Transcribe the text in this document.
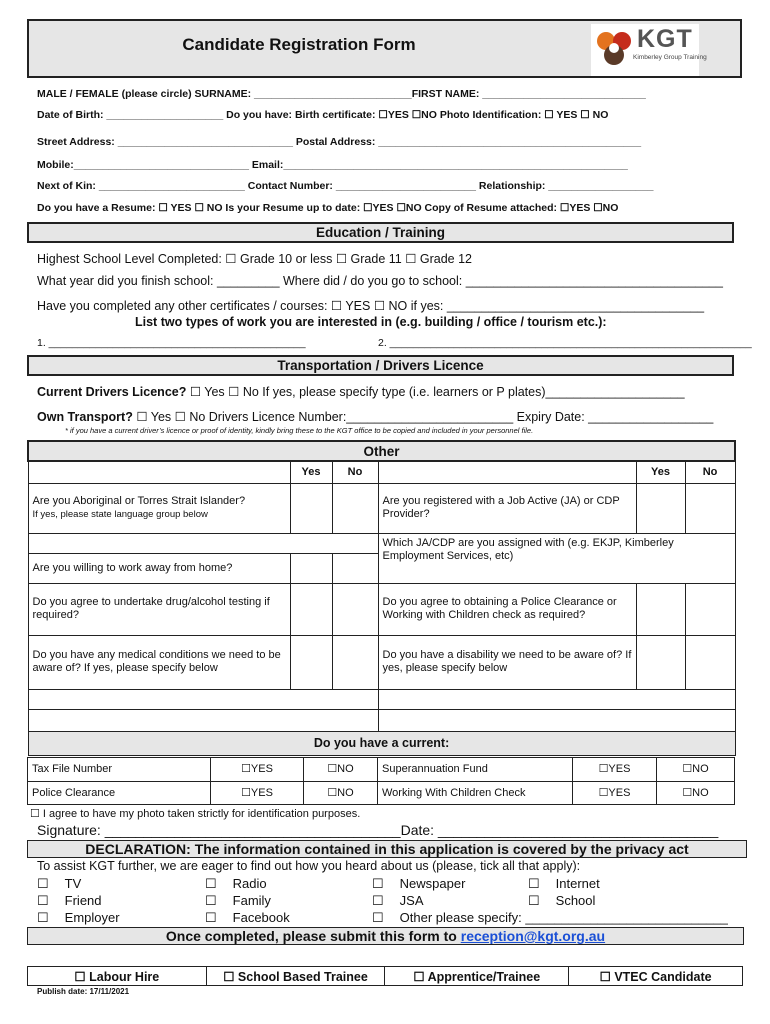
Candidate Registration Form	KGT
Kimberley Group Training
MALE / FEMALE (please circle) SURNAME: ___________________________FIRST NAME: ____________________________
Date of Birth: ____________________ Do you have: Birth certificate: ☐YES ☐NO Photo Identification: ☐ YES ☐ NO
Street Address: ______________________________ Postal Address: _____________________________________________
Mobile:______________________________ Email:___________________________________________________________
Next of Kin: _________________________ Contact Number: ________________________ Relationship: __________________
Do you have a Resume: ☐ YES ☐ NO Is your Resume up to date: ☐YES ☐NO Copy of Resume attached: ☐YES ☐NO
Education / Training
Highest School Level Completed: ☐ Grade 10 or less ☐ Grade 11 ☐ Grade 12
What year did you finish school: _________ Where did / do you go to school: _____________________________________
Have you completed any other certificates / courses: ☐ YES ☐ NO if yes: _____________________________________
List two types of work you are interested in (e.g. building / office / tourism etc.):
1. ____________________________________________	2. ______________________________________________________________
Transportation / Drivers Licence
Current Drivers Licence? ☐ Yes ☐ No If yes, please specify type (i.e. learners or P plates)____________________
Own Transport? ☐ Yes ☐ No Drivers Licence Number:________________________ Expiry Date: __________________
* if you have a current driver’s licence or proof of identity, kindly bring these to the KGT office to be copied and included in your personnel file.
Other					
	Yes	No		Yes	No

Are you Aboriginal or Torres Strait Islander?
If yes, please state language group below			Are you registered with a Job Active (JA) or CDP Provider?		
			Which JA/CDP are you assigned with (e.g. EKJP, Kimberley Employment Services, etc)		
Are you willing to work away from home?					
Do you agree to undertake drug/alcohol testing if required?			Do you agree to obtaining a Police Clearance or Working with Children check as required?		
Do you have any medical conditions we need to be aware of? If yes, please specify below			Do you have a disability we need to be aware of? If yes, please specify below		

Do you have a current:					
Tax File Number	☐YES	☐NO	Superannuation Fund	☐YES	☐NO
Police Clearance	☐YES	☐NO	Working With Children Check	☐YES	☐NO
☐ I agree to have my photo taken strictly for identification purposes.
Signature: ______________________________________Date: ____________________________________
DECLARATION: The information contained in this application is covered by the privacy act
To assist KGT further, we are eager to find out how you heard about us (please, tick all that apply):
☐ TV	☐ Radio	☐ Newspaper	☐ Internet
☐ Friend	☐ Family	☐ JSA	☐ School
☐ Employer	☐ Facebook	☐ Other please specify: ____________________________
Once completed, please submit this form to reception@kgt.org.au
☐ Labour Hire	☐ School Based Trainee	☐ Apprentice/Trainee	☐ VTEC Candidate
Publish date: 17/11/2021
